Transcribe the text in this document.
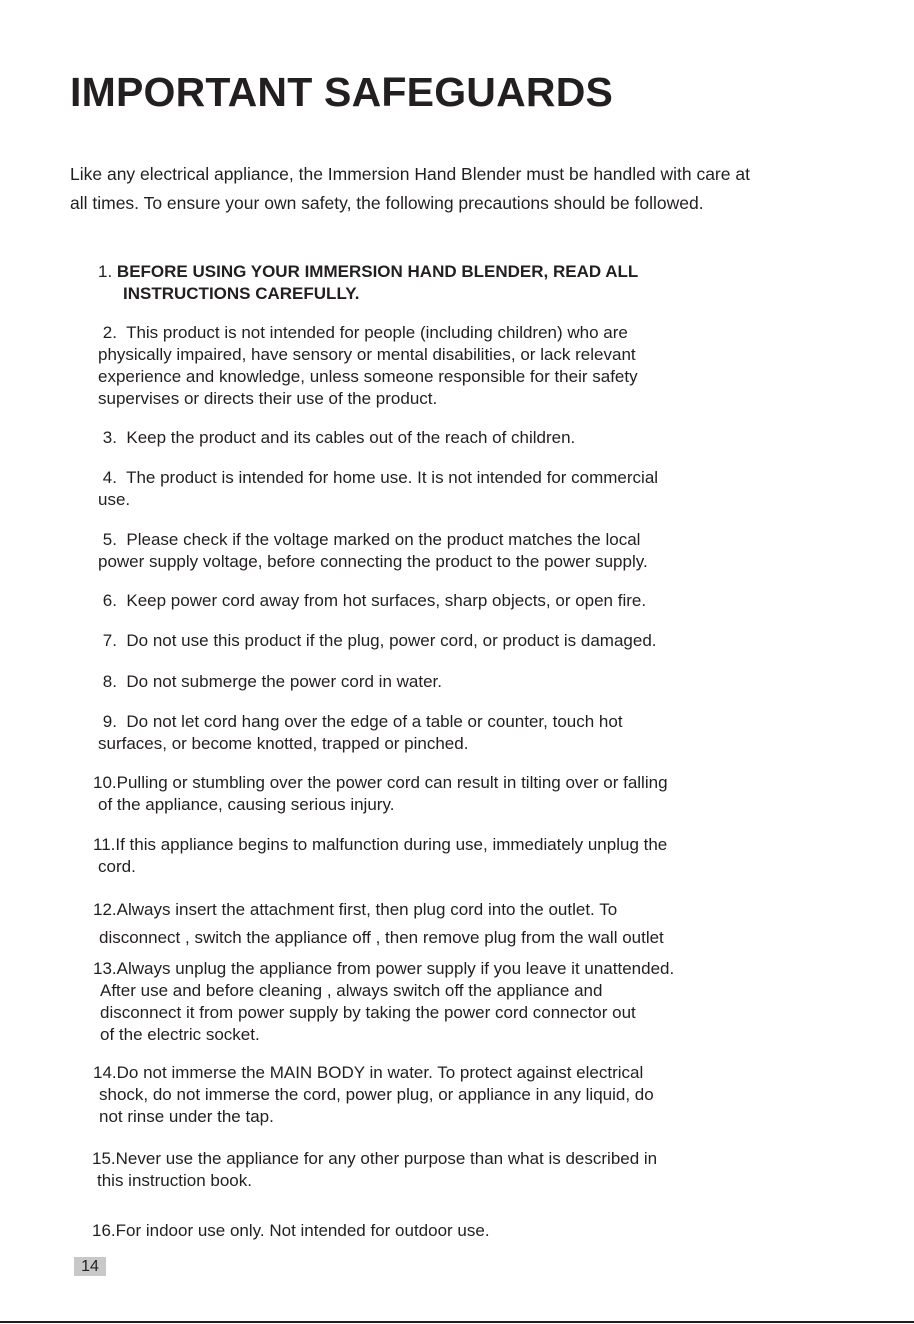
IMPORTANT SAFEGUARDS
Like any electrical appliance, the Immersion Hand Blender must be handled with care at
all times. To ensure your own safety, the following precautions should be followed.
1. BEFORE USING YOUR IMMERSION HAND BLENDER, READ ALL
INSTRUCTIONS CAREFULLY.
2. This product is not intended for people (including children) who are
physically impaired, have sensory or mental disabilities, or lack relevant
experience and knowledge, unless someone responsible for their safety
supervises or directs their use of the product.
3. Keep the product and its cables out of the reach of children.
4. The product is intended for home use. It is not intended for commercial
use.
5. Please check if the voltage marked on the product matches the local
power supply voltage, before connecting the product to the power supply.
6. Keep power cord away from hot surfaces, sharp objects, or open fire.
7. Do not use this product if the plug, power cord, or product is damaged.
8. Do not submerge the power cord in water.
9. Do not let cord hang over the edge of a table or counter, touch hot
surfaces, or become knotted, trapped or pinched.
10.Pulling or stumbling over the power cord can result in tilting over or falling
of the appliance, causing serious injury.
11.If this appliance begins to malfunction during use, immediately unplug the
cord.
12.Always insert the attachment first, then plug cord into the outlet. To
disconnect , switch the appliance off , then remove plug from the wall outlet
13.Always unplug the appliance from power supply if you leave it unattended.
After use and before cleaning , always switch off the appliance and
disconnect it from power supply by taking the power cord connector out
of the electric socket.
14.Do not immerse the MAIN BODY in water. To protect against electrical
shock, do not immerse the cord, power plug, or appliance in any liquid, do
not rinse under the tap.
15.Never use the appliance for any other purpose than what is described in
this instruction book.
16.For indoor use only. Not intended for outdoor use.
14
